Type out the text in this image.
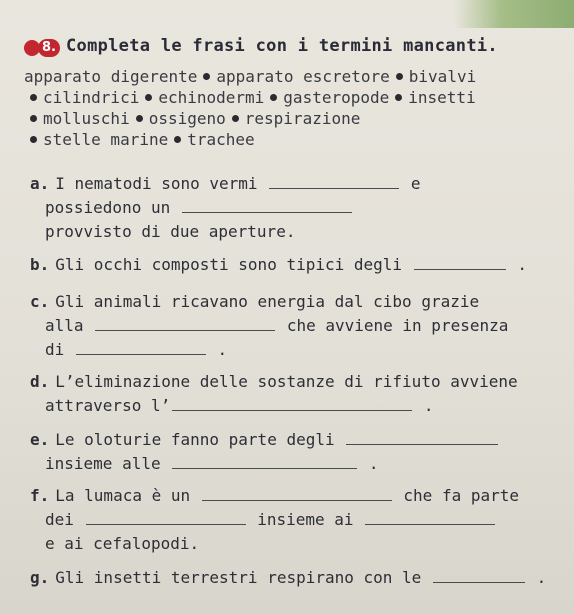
8. Completa le frasi con i termini mancanti.
apparato digerente apparato escretore bivalvi
cilindrici echinodermi gasteropode insetti
molluschi ossigeno respirazione
stelle marine trachee
a. I nematodi sono vermi	e
possiedono un
provvisto di due aperture.
b. Gli occhi composti sono tipici degli	.
c. Gli animali ricavano energia dal cibo grazie
alla	che avviene in presenza
di	.
d. L’eliminazione delle sostanze di rifiuto avviene
attraverso l’	.
e. Le oloturie fanno parte degli
insieme alle	.
f. La lumaca è un	che fa parte
dei	insieme ai
e ai cefalopodi.
g. Gli insetti terrestri respirano con le	.
